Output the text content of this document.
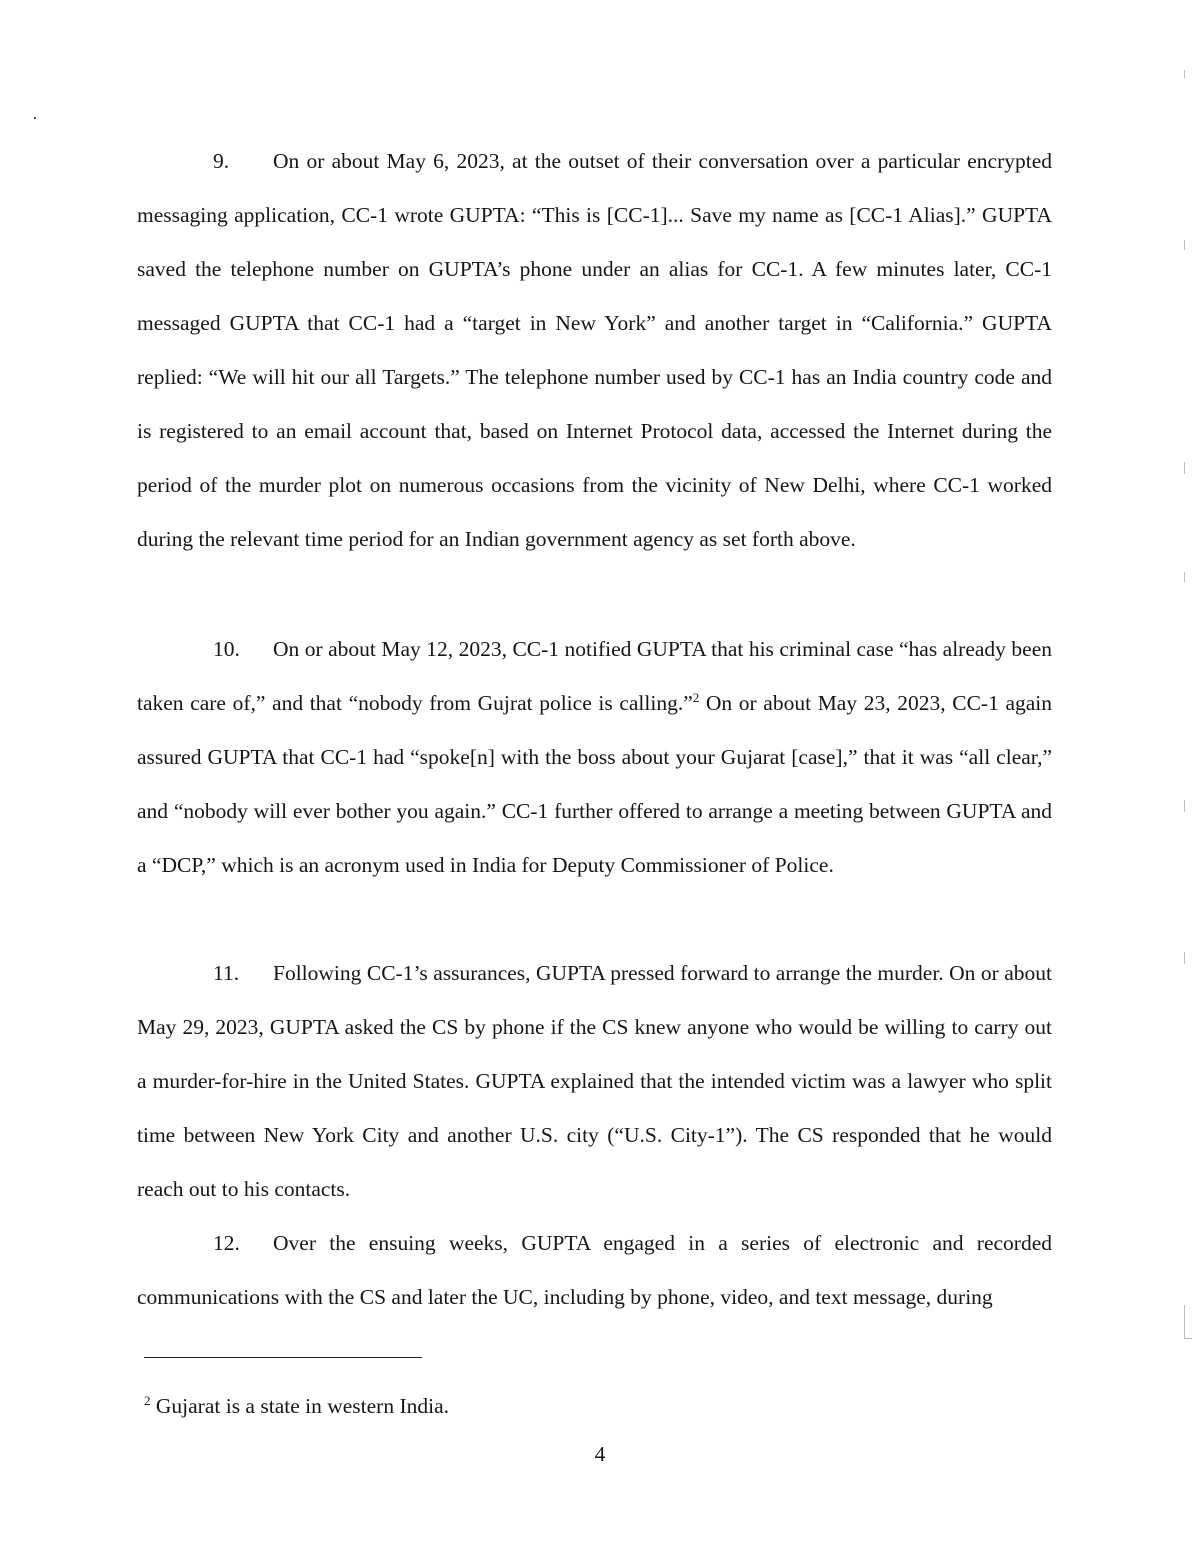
9. On or about May 6, 2023, at the outset of their conversation over a particular encrypted messaging application, CC-1 wrote GUPTA: “This is [CC-1]... Save my name as [CC-1 Alias].” GUPTA saved the telephone number on GUPTA’s phone under an alias for CC-1. A few minutes later, CC-1 messaged GUPTA that CC-1 had a “target in New York” and another target in “California.” GUPTA replied: “We will hit our all Targets.” The telephone number used by CC-1 has an India country code and is registered to an email account that, based on Internet Protocol data, accessed the Internet during the period of the murder plot on numerous occasions from the vicinity of New Delhi, where CC-1 worked during the relevant time period for an Indian government agency as set forth above.

10. On or about May 12, 2023, CC-1 notified GUPTA that his criminal case “has already been taken care of,” and that “nobody from Gujrat police is calling.”$^2$ On or about May 23, 2023, CC-1 again assured GUPTA that CC-1 had “spoke[n] with the boss about your Gujarat [case],” that it was “all clear,” and “nobody will ever bother you again.” CC-1 further offered to arrange a meeting between GUPTA and a “DCP,” which is an acronym used in India for Deputy Commissioner of Police.

11. Following CC-1’s assurances, GUPTA pressed forward to arrange the murder. On or about May 29, 2023, GUPTA asked the CS by phone if the CS knew anyone who would be willing to carry out a murder-for-hire in the United States. GUPTA explained that the intended victim was a lawyer who split time between New York City and another U.S. city (“U.S. City-1”). The CS responded that he would reach out to his contacts.

12. Over the ensuing weeks, GUPTA engaged in a series of electronic and recorded communications with the CS and later the UC, including by phone, video, and text message, during

$^2$ Gujarat is a state in western India.

4
